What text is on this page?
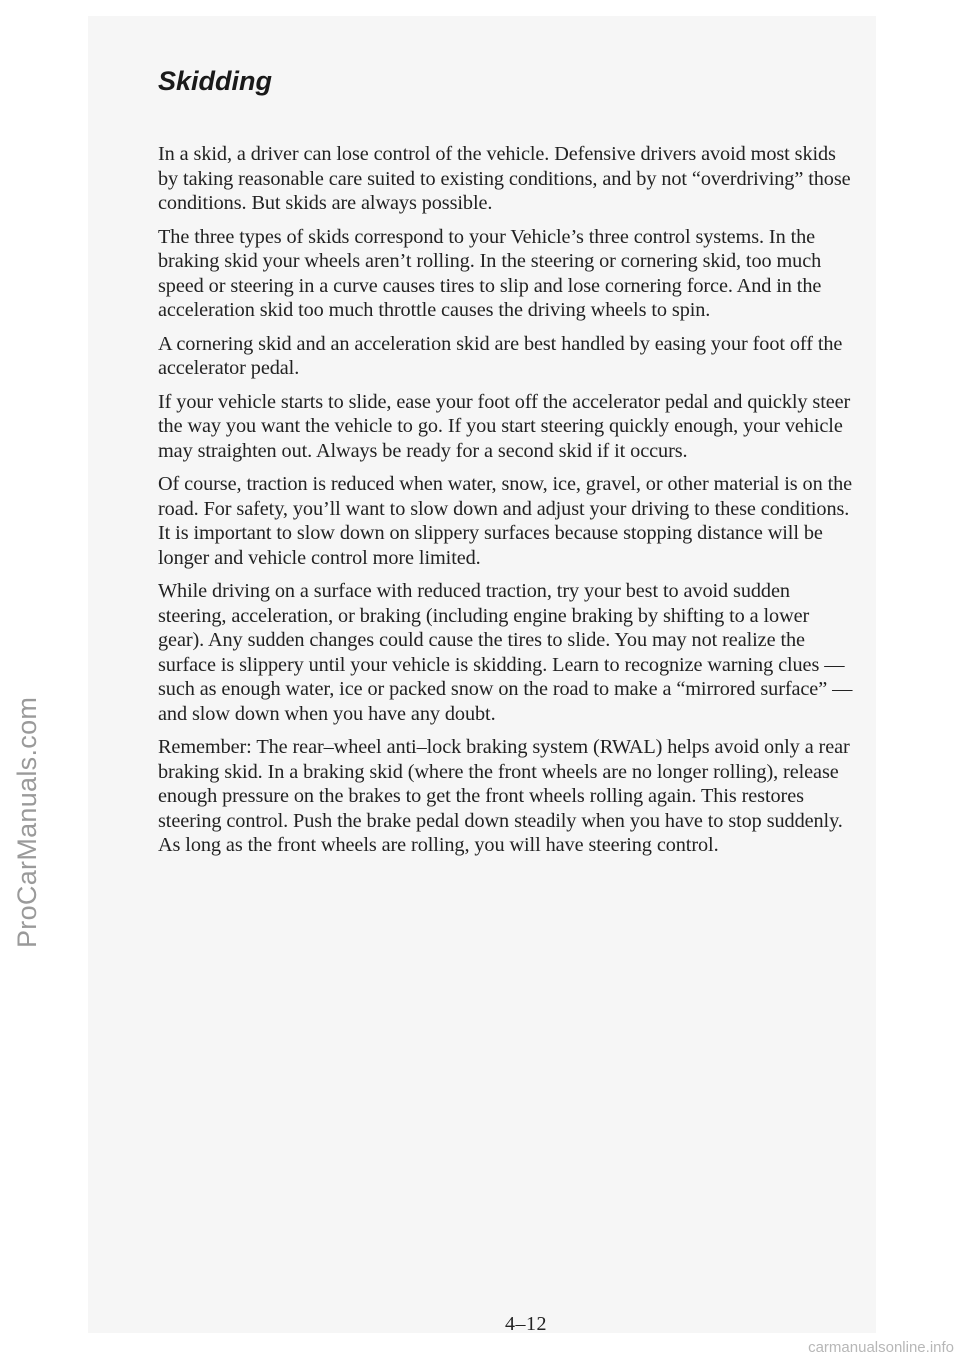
ProCarManuals.com
Skidding

In a skid, a driver can lose control of the vehicle. Defensive drivers avoid most skids by taking reasonable care suited to existing conditions, and by not “overdriving” those conditions. But skids are always possible.

The three types of skids correspond to your Vehicle’s three control systems. In the braking skid your wheels aren’t rolling. In the steering or cornering skid, too much speed or steering in a curve causes tires to slip and lose cornering force. And in the acceleration skid too much throttle causes the driving wheels to spin.

A cornering skid and an acceleration skid are best handled by easing your foot off the accelerator pedal.

If your vehicle starts to slide, ease your foot off the accelerator pedal and quickly steer the way you want the vehicle to go. If you start steering quickly enough, your vehicle may straighten out. Always be ready for a second skid if it occurs.

Of course, traction is reduced when water, snow, ice, gravel, or other material is on the road. For safety, you’ll want to slow down and adjust your driving to these conditions. It is important to slow down on slippery surfaces because stopping distance will be longer and vehicle control more limited.

While driving on a surface with reduced traction, try your best to avoid sudden steering, acceleration, or braking (including engine braking by shifting to a lower gear). Any sudden changes could cause the tires to slide. You may not realize the surface is slippery until your vehicle is skidding. Learn to recognize warning clues — such as enough water, ice or packed snow on the road to make a “mirrored surface” — and slow down when you have any doubt.

Remember: The rear–wheel anti–lock braking system (RWAL) helps avoid only a rear braking skid. In a braking skid (where the front wheels are no longer rolling), release enough pressure on the brakes to get the front wheels rolling again. This restores steering control. Push the brake pedal down steadily when you have to stop suddenly. As long as the front wheels are rolling, you will have steering control.

4–12
carmanualsonline.info
